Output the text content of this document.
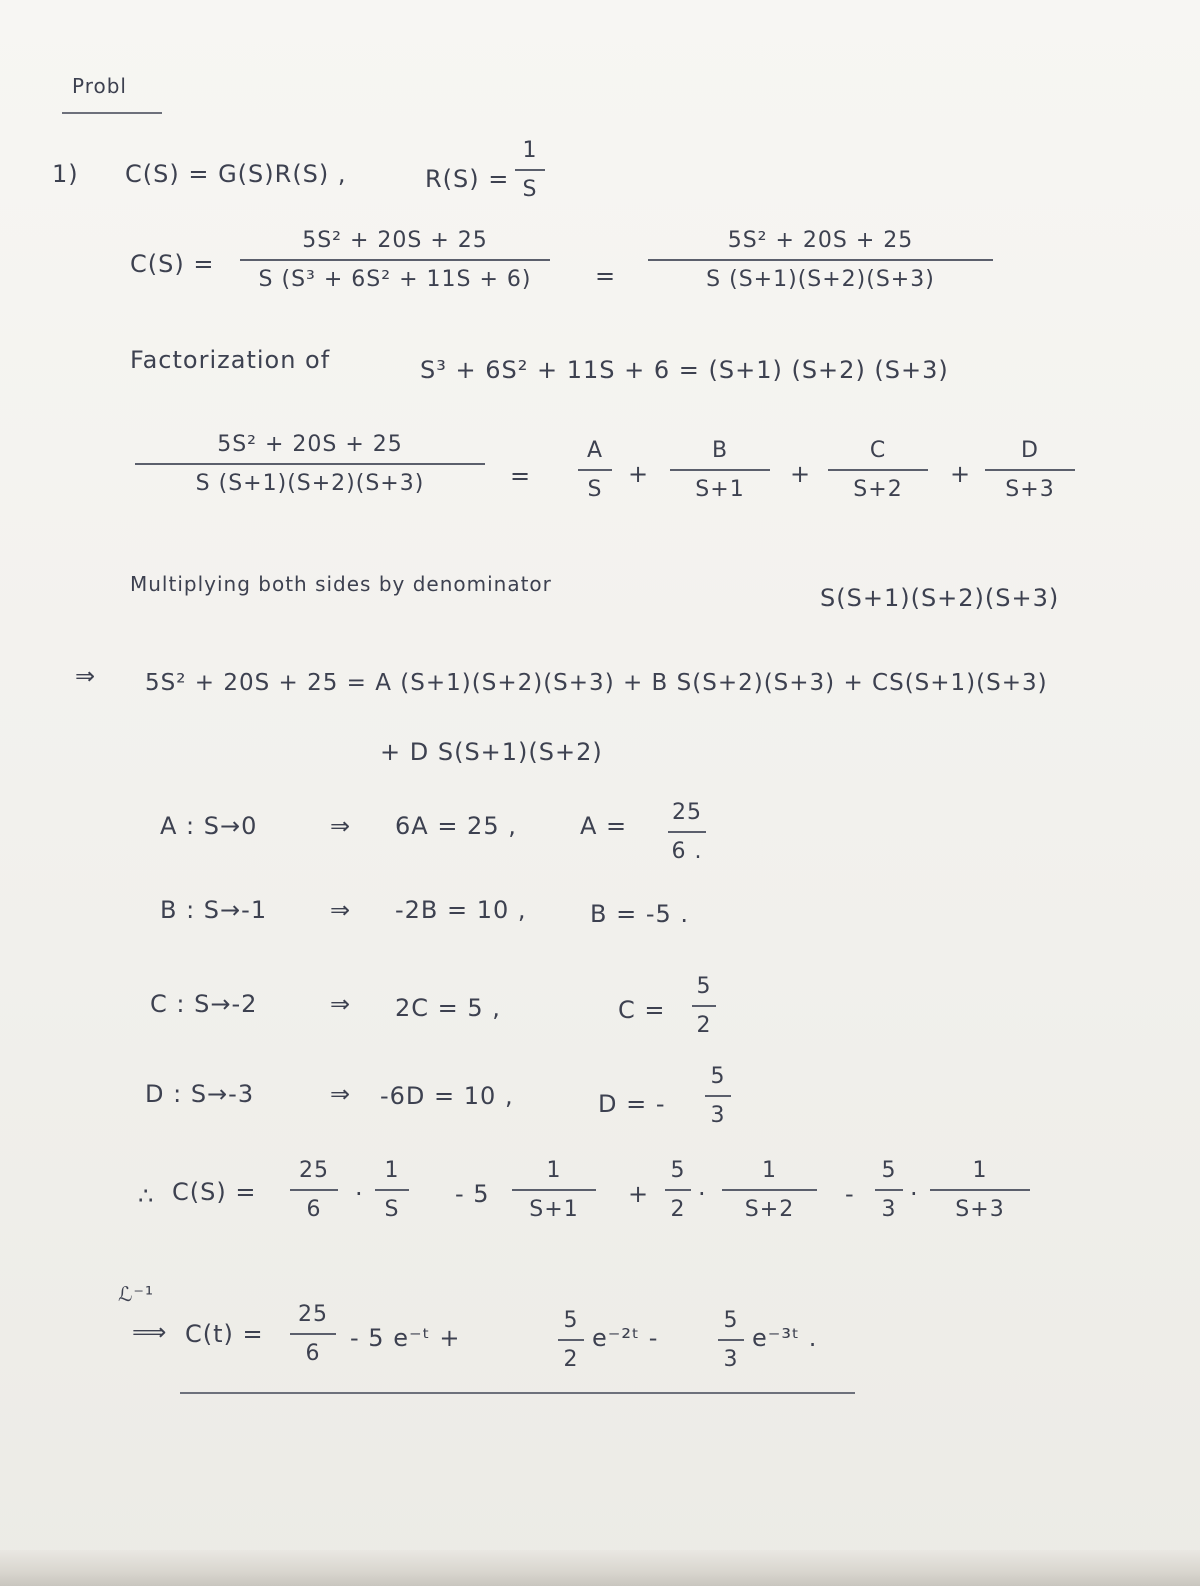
Probl
1) C(S) = G(S)R(S) ,	R(S) =
1
S
C(S) =
5S² + 20S + 25
S (S³ + 6S² + 11S + 6)	=
5S² + 20S + 25
S (S+1)(S+2)(S+3)
Factorization of	S³ + 6S² + 11S + 6 = (S+1) (S+2) (S+3)
5S² + 20S + 25
S (S+1)(S+2)(S+3)	=
A
S
+
B
S+1
+
C
S+2
+
D
S+3
Multiplying both sides by denominator	S(S+1)(S+2)(S+3)
⇒ 5S² + 20S + 25 = A (S+1)(S+2)(S+3) + B S(S+2)(S+3) + CS(S+1)(S+3)
+ D S(S+1)(S+2)
A : S→0	⇒ 6A = 25 ,	A = 25
6 .
B : S→-1	⇒ -2B = 10 ,	B = -5 .
C : S→-2	⇒ 2C = 5 ,	C =
5
2
D : S→-3	⇒ -6D = 10 ,	D = -
5
3
∴ C(S) =
25
6
·
1
S
- 5
1
S+1
+
5
2
·
1
S+2
-
5
3
·
1
S+3
ℒ⁻¹
⟹ C(t) =
25
6
- 5 e⁻ᵗ +
5
2
e⁻²ᵗ -
5
3
e⁻³ᵗ .
